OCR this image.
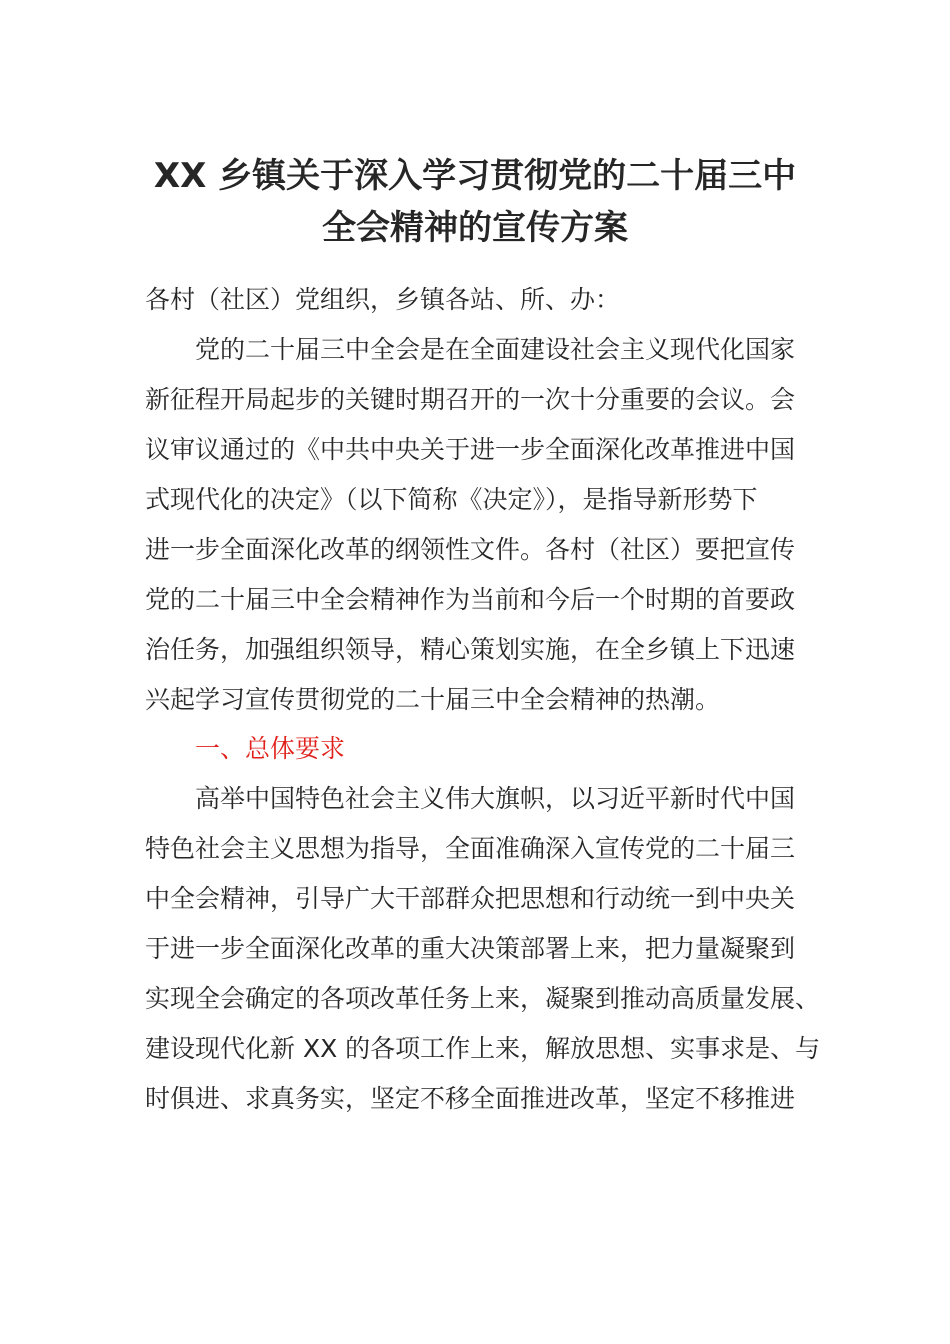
XX 乡镇关于深入学习贯彻党的二十届三中
全会精神的宣传方案
各村（社区）党组织，乡镇各站、所、办：
党的二十届三中全会是在全面建设社会主义现代化国家
新征程开局起步的关键时期召开的一次十分重要的会议。会
议审议通过的《中共中央关于进一步全面深化改革推进中国
式现代化的决定》（以下简称《决定》），是指导新形势下
进一步全面深化改革的纲领性文件。各村（社区）要把宣传
党的二十届三中全会精神作为当前和今后一个时期的首要政
治任务，加强组织领导，精心策划实施，在全乡镇上下迅速
兴起学习宣传贯彻党的二十届三中全会精神的热潮。
一、总体要求
高举中国特色社会主义伟大旗帜，以习近平新时代中国
特色社会主义思想为指导，全面准确深入宣传党的二十届三
中全会精神，引导广大干部群众把思想和行动统一到中央关
于进一步全面深化改革的重大决策部署上来，把力量凝聚到
实现全会确定的各项改革任务上来，凝聚到推动高质量发展、
建设现代化新 XX 的各项工作上来，解放思想、实事求是、与
时俱进、求真务实，坚定不移全面推进改革，坚定不移推进
